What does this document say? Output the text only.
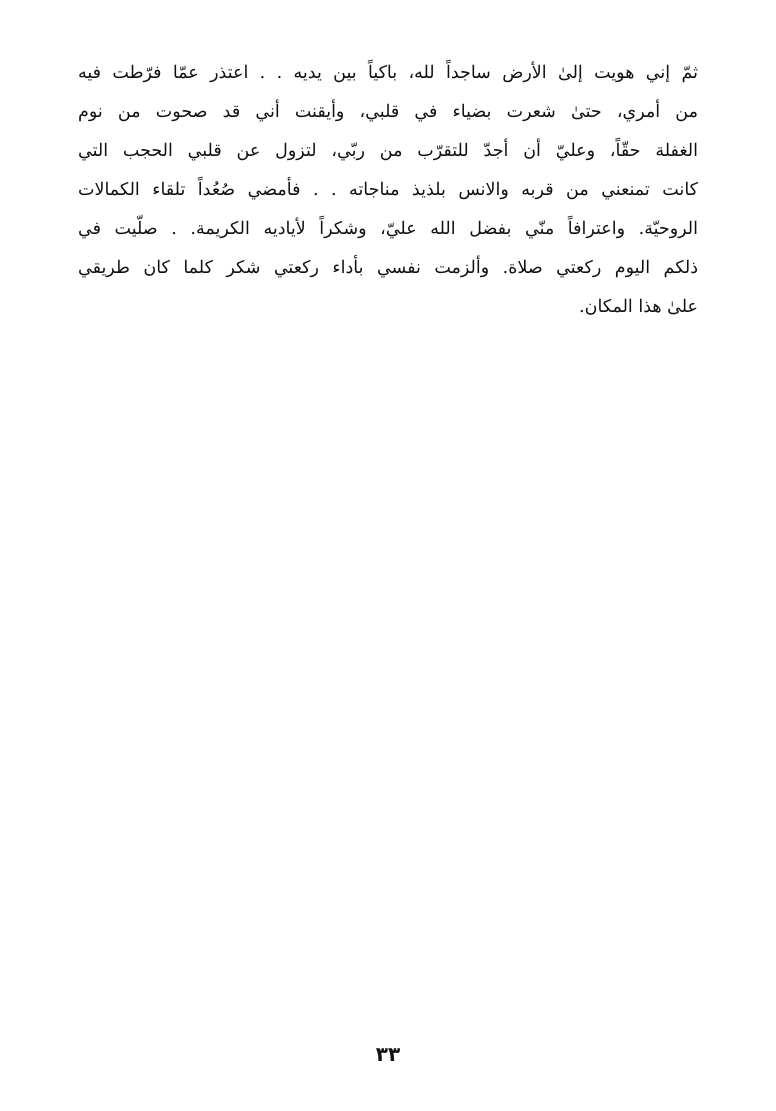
ثمّ إني هويت إلىٰ الأرض ساجداً لله، باكياً بين يديه . . اعتذر عمّا فرّطت فيه
من أمري، حتىٰ شعرت بضياء في قلبي، وأيقنت أني قد صحوت من نوم
الغفلة حقّاً، وعليّ أن أجدّ للتقرّب من ربّي، لتزول عن قلبي الحجب التي
كانت تمنعني من قربه والانس بلذيذ مناجاته . . فأمضي صُعُداً تلقاء الكمالات
الروحيّة. واعترافاً منّي بفضل الله عليّ، وشكراً لأياديه الكريمة. . صلّيت في
ذلكم اليوم ركعتي صلاة. وألزمت نفسي بأداء ركعتي شكر كلما كان طريقي
علىٰ هذا المكان.
٣٣
